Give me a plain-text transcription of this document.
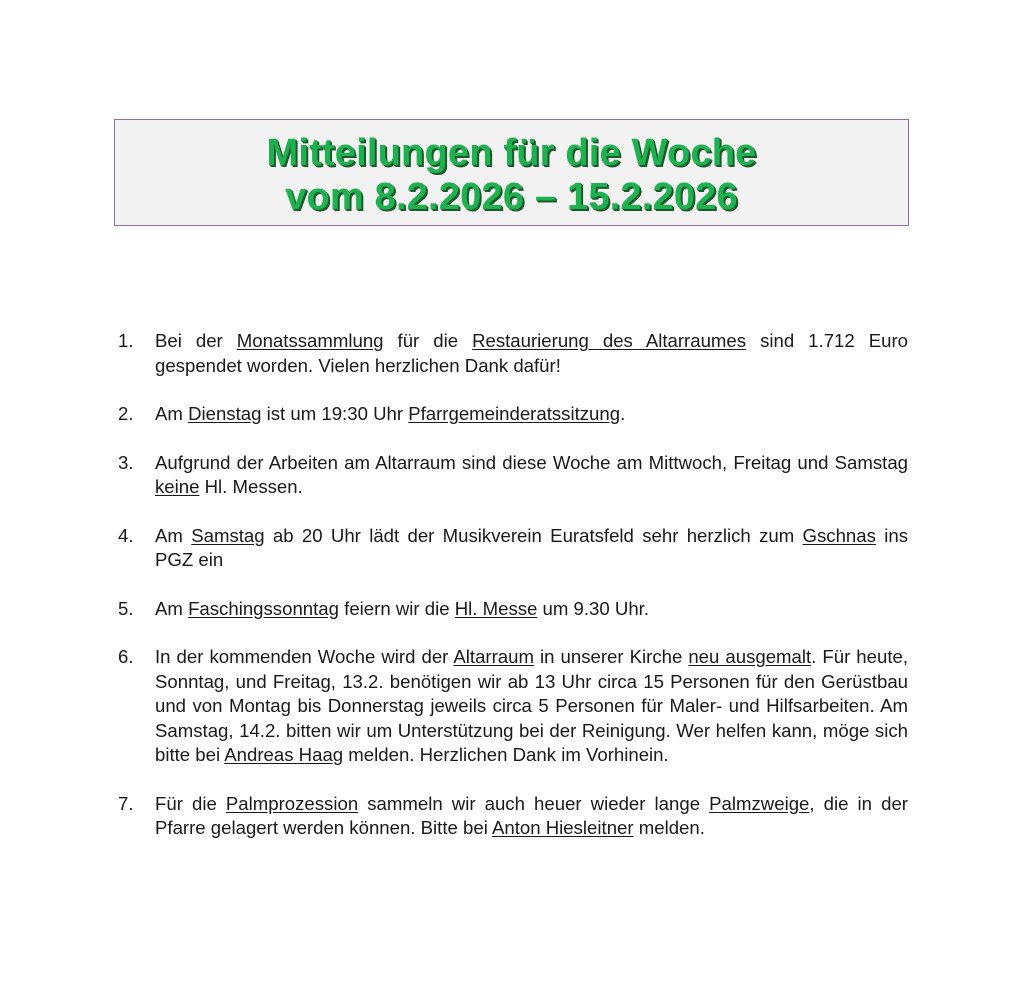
Mitteilungen für die Woche
vom 8.2.2026 – 15.2.2026
1. Bei der Monatssammlung für die Restaurierung des Altarraumes sind 1.712 Euro gespendet worden. Vielen herzlichen Dank dafür!
2. Am Dienstag ist um 19:30 Uhr Pfarrgemeinderatssitzung.
3. Aufgrund der Arbeiten am Altarraum sind diese Woche am Mittwoch, Freitag und Samstag keine Hl. Messen.
4. Am Samstag ab 20 Uhr lädt der Musikverein Euratsfeld sehr herzlich zum Gschnas ins PGZ ein
5. Am Faschingssonntag feiern wir die Hl. Messe um 9.30 Uhr.
6. In der kommenden Woche wird der Altarraum in unserer Kirche neu ausgemalt. Für heute, Sonntag, und Freitag, 13.2. benötigen wir ab 13 Uhr circa 15 Personen für den Gerüstbau und von Montag bis Donnerstag jeweils circa 5 Personen für Maler- und Hilfsarbeiten. Am Samstag, 14.2. bitten wir um Unterstützung bei der Reinigung. Wer helfen kann, möge sich bitte bei Andreas Haag melden. Herzlichen Dank im Vorhinein.
7. Für die Palmprozession sammeln wir auch heuer wieder lange Palmzweige, die in der Pfarre gelagert werden können. Bitte bei Anton Hiesleitner melden.
